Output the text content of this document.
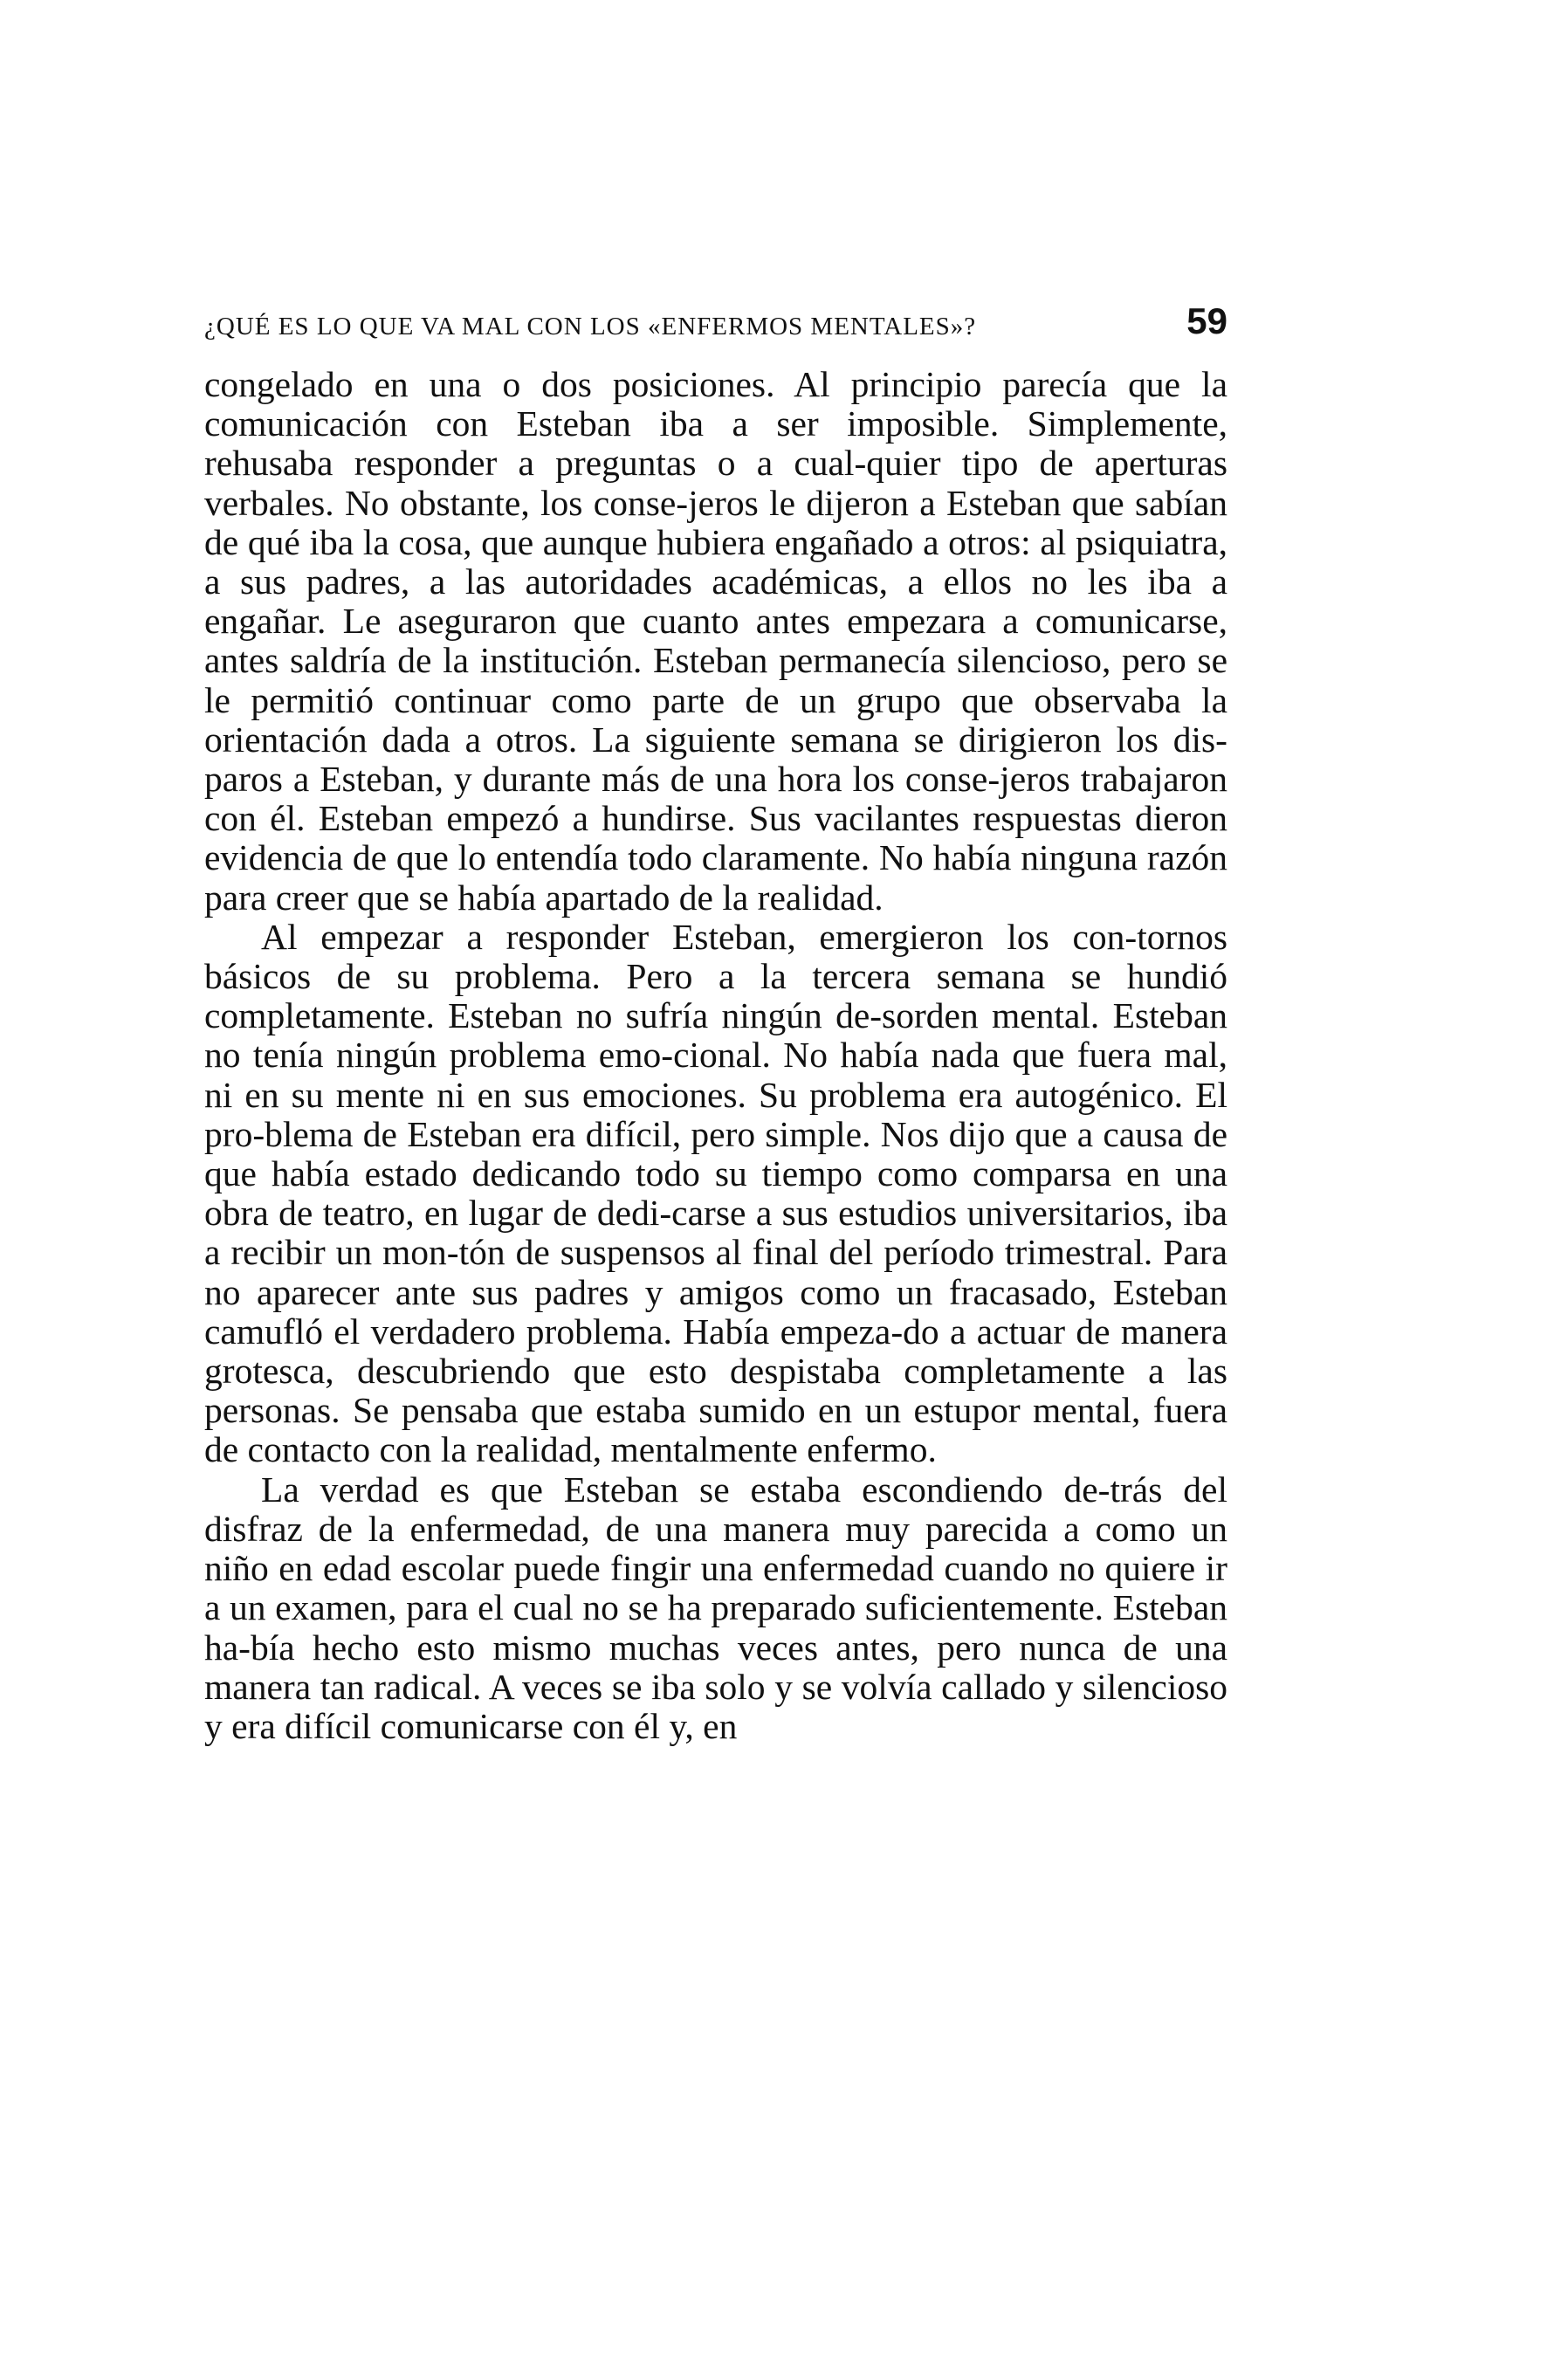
¿QUÉ ES LO QUE VA MAL CON LOS «ENFERMOS MENTALES»?	59

congelado en una o dos posiciones. Al principio parecía que la comunicación con Esteban iba a ser imposible. Simplemente, rehusaba responder a preguntas o a cual-quier tipo de aperturas verbales. No obstante, los conse-jeros le dijeron a Esteban que sabían de qué iba la cosa, que aunque hubiera engañado a otros: al psiquiatra, a sus padres, a las autoridades académicas, a ellos no les iba a engañar. Le aseguraron que cuanto antes empezara a comunicarse, antes saldría de la institución. Esteban permanecía silencioso, pero se le permitió continuar como parte de un grupo que observaba la orientación dada a otros. La siguiente semana se dirigieron los dis-paros a Esteban, y durante más de una hora los conse-jeros trabajaron con él. Esteban empezó a hundirse. Sus vacilantes respuestas dieron evidencia de que lo entendía todo claramente. No había ninguna razón para creer que se había apartado de la realidad.

Al empezar a responder Esteban, emergieron los con-tornos básicos de su problema. Pero a la tercera semana se hundió completamente. Esteban no sufría ningún de-sorden mental. Esteban no tenía ningún problema emo-cional. No había nada que fuera mal, ni en su mente ni en sus emociones. Su problema era autogénico. El pro-blema de Esteban era difícil, pero simple. Nos dijo que a causa de que había estado dedicando todo su tiempo como comparsa en una obra de teatro, en lugar de dedi-carse a sus estudios universitarios, iba a recibir un mon-tón de suspensos al final del período trimestral. Para no aparecer ante sus padres y amigos como un fracasado, Esteban camufló el verdadero problema. Había empeza-do a actuar de manera grotesca, descubriendo que esto despistaba completamente a las personas. Se pensaba que estaba sumido en un estupor mental, fuera de contacto con la realidad, mentalmente enfermo.

La verdad es que Esteban se estaba escondiendo de-trás del disfraz de la enfermedad, de una manera muy parecida a como un niño en edad escolar puede fingir una enfermedad cuando no quiere ir a un examen, para el cual no se ha preparado suficientemente. Esteban ha-bía hecho esto mismo muchas veces antes, pero nunca de una manera tan radical. A veces se iba solo y se volvía callado y silencioso y era difícil comunicarse con él y, en
